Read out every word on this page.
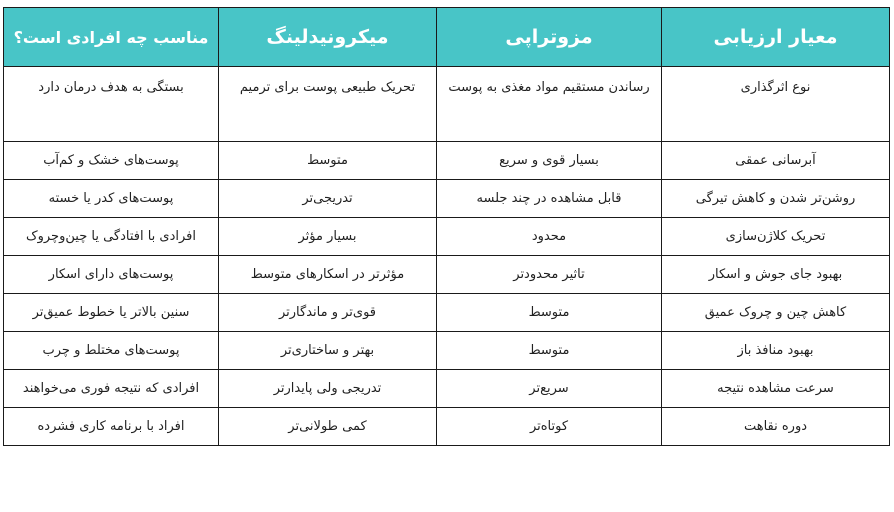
معیار ارزیابی	مزوتراپی	میکرونیدلینگ	مناسب چه افرادی است؟
نوع اثرگذاری	رساندن مستقیم مواد مغذی به پوست	تحریک طبیعی پوست برای ترمیم	بستگی به هدف درمان دارد
آبرسانی عمقی	بسیار قوی و سریع	متوسط	پوست‌های خشک و کم‌آب
روشن‌تر شدن و کاهش تیرگی	قابل مشاهده در چند جلسه	تدریجی‌تر	پوست‌های کدر یا خسته
تحریک کلاژن‌سازی	محدود	بسیار مؤثر	افرادی با افتادگی یا چین‌وچروک
بهبود جای جوش و اسکار	تاثیر محدودتر	مؤثرتر در اسکارهای متوسط	پوست‌های دارای اسکار
کاهش چین و چروک عمیق	متوسط	قوی‌تر و ماندگارتر	سنین بالاتر یا خطوط عمیق‌تر
بهبود منافذ باز	متوسط	بهتر و ساختاری‌تر	پوست‌های مختلط و چرب
سرعت مشاهده نتیجه	سریع‌تر	تدریجی ولی پایدارتر	افرادی که نتیجه فوری می‌خواهند
دوره نقاهت	کوتاه‌تر	کمی طولانی‌تر	افراد با برنامه کاری فشرده
